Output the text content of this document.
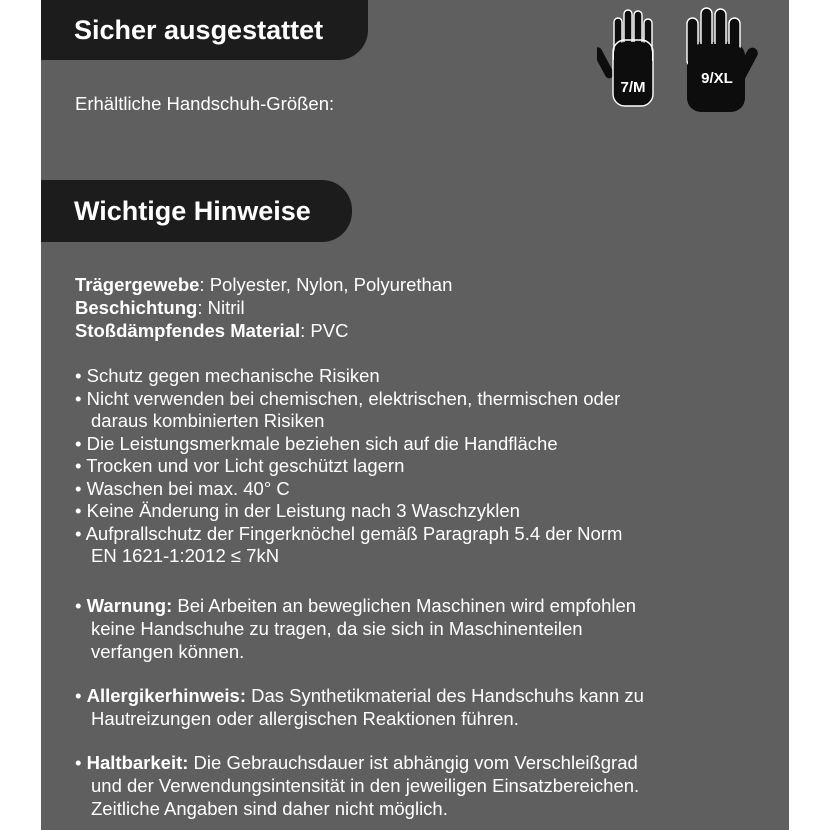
Sicher ausgestattet
Erhältliche Handschuh-Größen:
7/M
9/XL
Wichtige Hinweise
Trägergewebe: Polyester, Nylon, Polyurethan
Beschichtung: Nitril
Stoßdämpfendes Material: PVC
• Schutz gegen mechanische Risiken
• Nicht verwenden bei chemischen, elektrischen, thermischen oder
daraus kombinierten Risiken
• Die Leistungsmerkmale beziehen sich auf die Handfläche
• Trocken und vor Licht geschützt lagern
• Waschen bei max. 40° C
• Keine Änderung in der Leistung nach 3 Waschzyklen
• Aufprallschutz der Fingerknöchel gemäß Paragraph 5.4 der Norm
EN 1621-1:2012 ≤ 7kN
• Warnung: Bei Arbeiten an beweglichen Maschinen wird empfohlen
keine Handschuhe zu tragen, da sie sich in Maschinenteilen
verfangen können.
• Allergikerhinweis: Das Synthetikmaterial des Handschuhs kann zu
Hautreizungen oder allergischen Reaktionen führen.
• Haltbarkeit: Die Gebrauchsdauer ist abhängig vom Verschleißgrad
und der Verwendungsintensität in den jeweiligen Einsatzbereichen.
Zeitliche Angaben sind daher nicht möglich.
